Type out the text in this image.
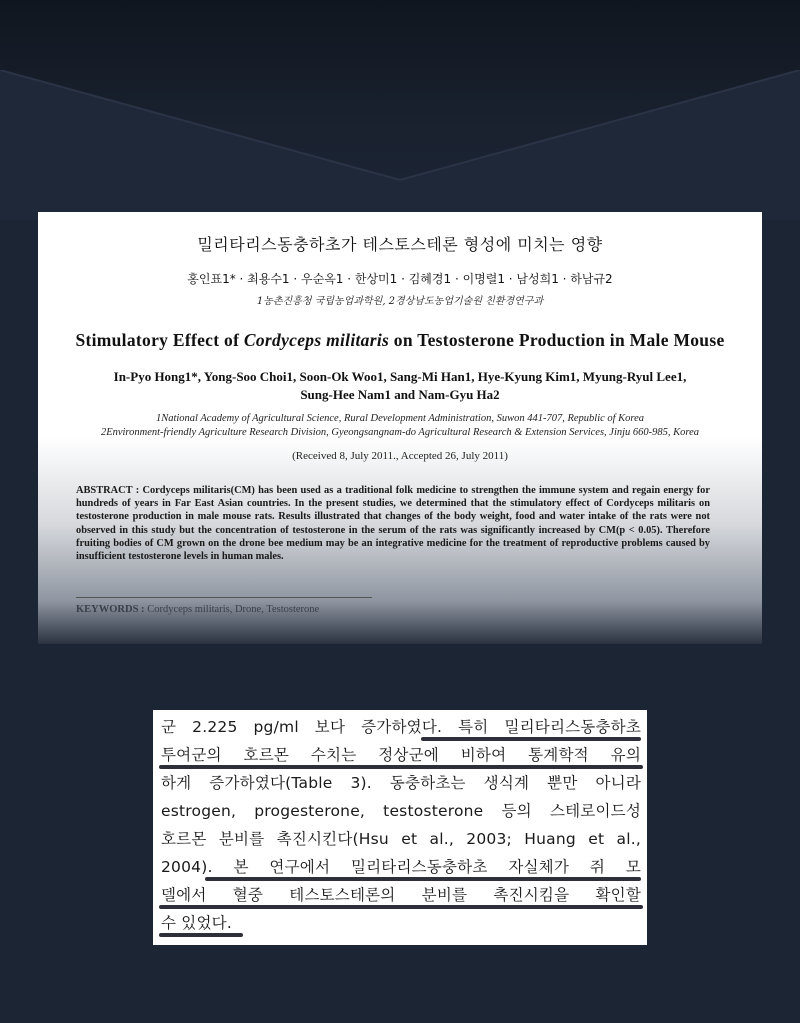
밀리타리스동충하초가 테스토스테론 형성에 미치는 영향
홍인표1* · 최용수1 · 우순옥1 · 한상미1 · 김혜경1 · 이명렬1 · 남성희1 · 하남규2
1농촌진흥청 국립농업과학원, 2경상남도농업기술원 친환경연구과
Stimulatory Effect of Cordyceps militaris on Testosterone Production in Male Mouse
In-Pyo Hong1*, Yong-Soo Choi1, Soon-Ok Woo1, Sang-Mi Han1, Hye-Kyung Kim1, Myung-Ryul Lee1,
Sung-Hee Nam1 and Nam-Gyu Ha2
1National Academy of Agricultural Science, Rural Development Administration, Suwon 441-707, Republic of Korea
2Environment-friendly Agriculture Research Division, Gyeongsangnam-do Agricultural Research & Extension Services, Jinju 660-985, Korea
(Received 8, July 2011., Accepted 26, July 2011)
ABSTRACT : Cordyceps militaris(CM) has been used as a traditional folk medicine to strengthen the immune system and regain energy for hundreds of years in Far East Asian countries. In the present studies, we determined that the stimulatory effect of Cordyceps militaris on testosterone production in male mouse rats. Results illustrated that changes of the body weight, food and water intake of the rats were not observed in this study but the concentration of testosterone in the serum of the rats was significantly increased by CM(p < 0.05). Therefore fruiting bodies of CM grown on the drone bee medium may be an integrative medicine for the treatment of reproductive problems caused by insufficient testosterone levels in human males.
KEYWORDS : Cordyceps militaris, Drone, Testosterone
군 2.225 pg/ml 보다 증가하였다. 특히 밀리타리스동충하초
투여군의 호르몬 수치는 정상군에 비하여 통계학적 유의
하게 증가하였다(Table 3). 동충하초는 생식계 뿐만 아니라
estrogen, progesterone, testosterone 등의 스테로이드성
호르몬 분비를 촉진시킨다(Hsu et al., 2003; Huang et al.,
2004). 본 연구에서 밀리타리스동충하초 자실체가 쥐 모
델에서 혈중 테스토스테론의 분비를 촉진시킴을 확인할
수 있었다.
